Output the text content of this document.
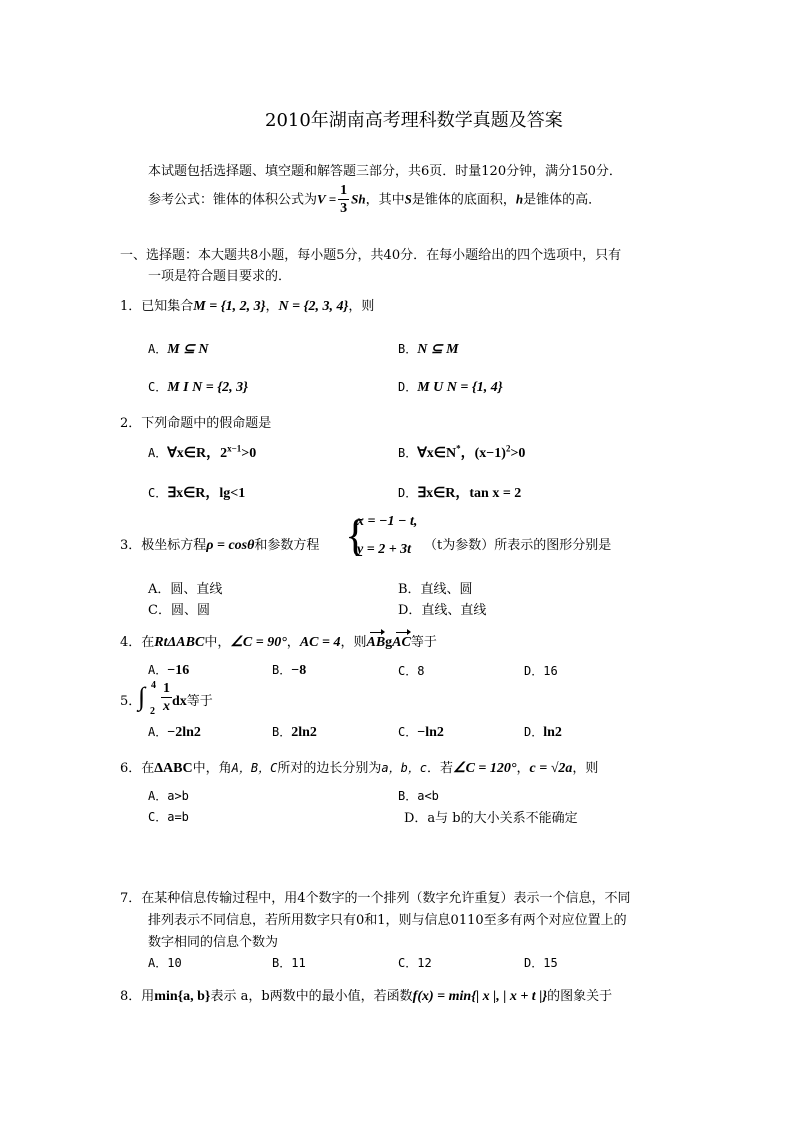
2010年湖南高考理科数学真题及答案
本试题包括选择题、填空题和解答题三部分，共6页．时量120分钟，满分150分．
参考公式：锥体的体积公式为$V = \frac{1}{3}$ Sh，其中S是锥体的底面积，h是锥体的高．
一、选择题：本大题共8小题，每小题5分，共40分．在每小题给出的四个选项中，只有
一项是符合题目要求的．
1．已知集合M = {1, 2, 3}，N = {2, 3, 4}，则
A．M ⊆ N	B．N ⊆ M
C．M I N = {2, 3}	D．M U N = {1, 4}
2．下列命题中的假命题是
A．∀x∈R，$2^{x-1}>0$	B．∀x∈N*，$(x-1)^2>0$
C．∃x∈R，lg<1	D．∃x∈R，tan x = 2
3．极坐标方程ρ = cosθ和参数方程 {
x = −1 − t,
y = 2 + 3t （t为参数）所表示的图形分别是
A．圆、直线	B．直线、圆
C．圆、圆	D．直线、直线
4．在RtΔABC中，∠C = 90°，AC = 4，则ABgAC等于
A．−16	B．−8	C．8	D．16
5．
∫ 4
$2 \frac{1}{x}$ dx等于
A．−2ln2	B．2ln2	C．−ln2	D．ln2
6．在ΔABC中，角A，B，C所对的边长分别为a，b，c．若∠C = 120°，c = √2a，则
A．a>b	B．a<b
C．a=b	D．a与 b的大小关系不能确定
7．在某种信息传输过程中，用4个数字的一个排列（数字允许重复）表示一个信息，不同
排列表示不同信息，若所用数字只有0和1，则与信息0110至多有两个对应位置上的
数字相同的信息个数为
A．10	B．11	C．12	D．15
8．用min{a, b}表示 a，b两数中的最小值，若函数f(x) = min{| x |, | x + t |}的图象关于
